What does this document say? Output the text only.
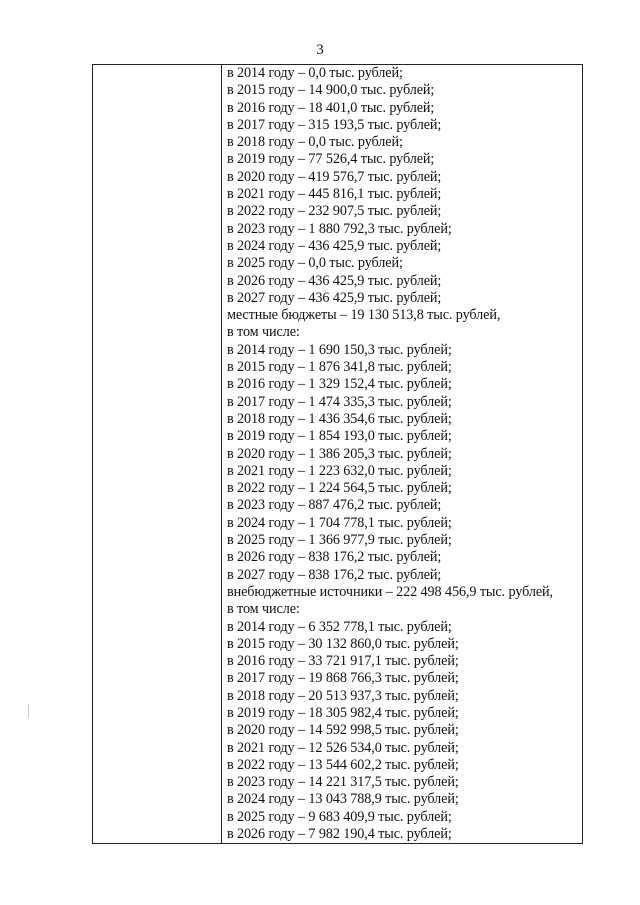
3
в 2014 году – 0,0 тыс. рублей;
в 2015 году – 14 900,0 тыс. рублей;
в 2016 году – 18 401,0 тыс. рублей;
в 2017 году – 315 193,5 тыс. рублей;
в 2018 году – 0,0 тыс. рублей;
в 2019 году – 77 526,4 тыс. рублей;
в 2020 году – 419 576,7 тыс. рублей;
в 2021 году – 445 816,1 тыс. рублей;
в 2022 году – 232 907,5 тыс. рублей;
в 2023 году – 1 880 792,3 тыс. рублей;
в 2024 году – 436 425,9 тыс. рублей;
в 2025 году – 0,0 тыс. рублей;
в 2026 году – 436 425,9 тыс. рублей;
в 2027 году – 436 425,9 тыс. рублей;
местные бюджеты – 19 130 513,8 тыс. рублей,
в том числе:
в 2014 году – 1 690 150,3 тыс. рублей;
в 2015 году – 1 876 341,8 тыс. рублей;
в 2016 году – 1 329 152,4 тыс. рублей;
в 2017 году – 1 474 335,3 тыс. рублей;
в 2018 году – 1 436 354,6 тыс. рублей;
в 2019 году – 1 854 193,0 тыс. рублей;
в 2020 году – 1 386 205,3 тыс. рублей;
в 2021 году – 1 223 632,0 тыс. рублей;
в 2022 году – 1 224 564,5 тыс. рублей;
в 2023 году – 887 476,2 тыс. рублей;
в 2024 году – 1 704 778,1 тыс. рублей;
в 2025 году – 1 366 977,9 тыс. рублей;
в 2026 году – 838 176,2 тыс. рублей;
в 2027 году – 838 176,2 тыс. рублей;
внебюджетные источники – 222 498 456,9 тыс. рублей,
в том числе:
в 2014 году – 6 352 778,1 тыс. рублей;
в 2015 году – 30 132 860,0 тыс. рублей;
в 2016 году – 33 721 917,1 тыс. рублей;
в 2017 году – 19 868 766,3 тыс. рублей;
в 2018 году – 20 513 937,3 тыс. рублей;
в 2019 году – 18 305 982,4 тыс. рублей;
в 2020 году – 14 592 998,5 тыс. рублей;
в 2021 году – 12 526 534,0 тыс. рублей;
в 2022 году – 13 544 602,2 тыс. рублей;
в 2023 году – 14 221 317,5 тыс. рублей;
в 2024 году – 13 043 788,9 тыс. рублей;
в 2025 году – 9 683 409,9 тыс. рублей;
в 2026 году – 7 982 190,4 тыс. рублей;
